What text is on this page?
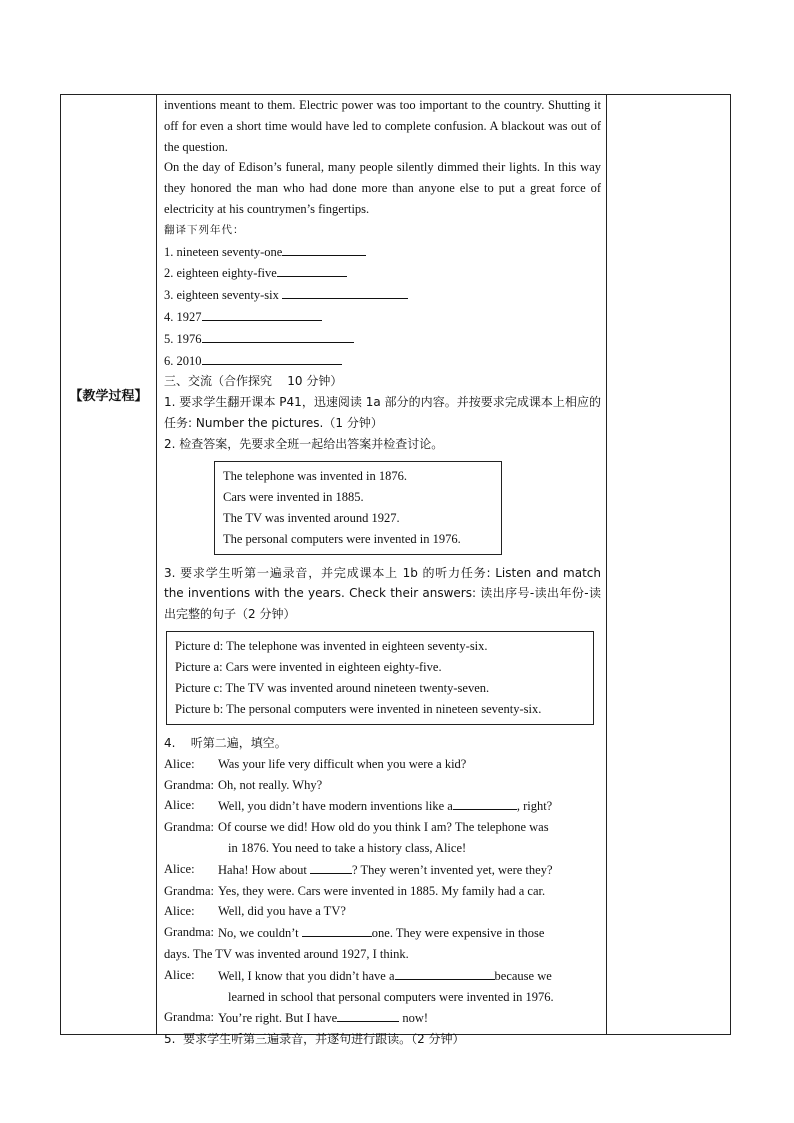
【教学过程】

inventions meant to them. Electric power was too important to the country. Shutting it off for even a short time would have led to complete confusion. A blackout was out of the question.

On the day of Edison’s funeral, many people silently dimmed their lights. In this way they honored the man who had done more than anyone else to put a great force of electricity at his countrymen’s fingertips.

翻译下列年代：

1. nineteen seventy-one

2. eighteen eighty-five

3. eighteen seventy-six

4. 1927

5. 1976

6. 2010

三、交流（合作探究    10 分钟）

1. 要求学生翻开课本 P41，迅速阅读 1a 部分的内容。并按要求完成课本上相应的任务: Number the pictures.（1 分钟）

2. 检查答案，先要求全班一起给出答案并检查讨论。

The telephone was invented in 1876.

Cars were invented in 1885.

The TV was invented around 1927.

The personal computers were invented in 1976.

3. 要求学生听第一遍录音，并完成课本上 1b 的听力任务: Listen and match the inventions with the years. Check their answers: 读出序号-读出年份-读出完整的句子（2 分钟）

Picture d: The telephone was invented in eighteen seventy-six.

Picture a: Cars were invented in eighteen eighty-five.

Picture c: The TV was invented around nineteen twenty-seven.

Picture b: The personal computers were invented in nineteen seventy-six.

4.    听第二遍，填空。

Alice:	Was your life very difficult when you were a kid?
Grandma: Oh, not really. Why?
Alice:	Well, you didn’t have modern inventions like a	, right?
Grandma: Of course we did! How old do you think I am? The telephone was

in 1876. You need to take a history class, Alice!

Alice:	Haha! How about	? They weren’t invented yet, were they?
Grandma: Yes, they were. Cars were invented in 1885. My family had a car.
Alice:	Well, did you have a TV?
Grandma: No, we couldn’t	one. They were expensive in those

days. The TV was invented around 1927, I think.

Alice:	Well, I know that you didn’t have a	because we

learned in school that personal computers were invented in 1976.

Grandma: You’re right. But I have	now!

5.  要求学生听第三遍录音，并逐句进行跟读。（2 分钟）
